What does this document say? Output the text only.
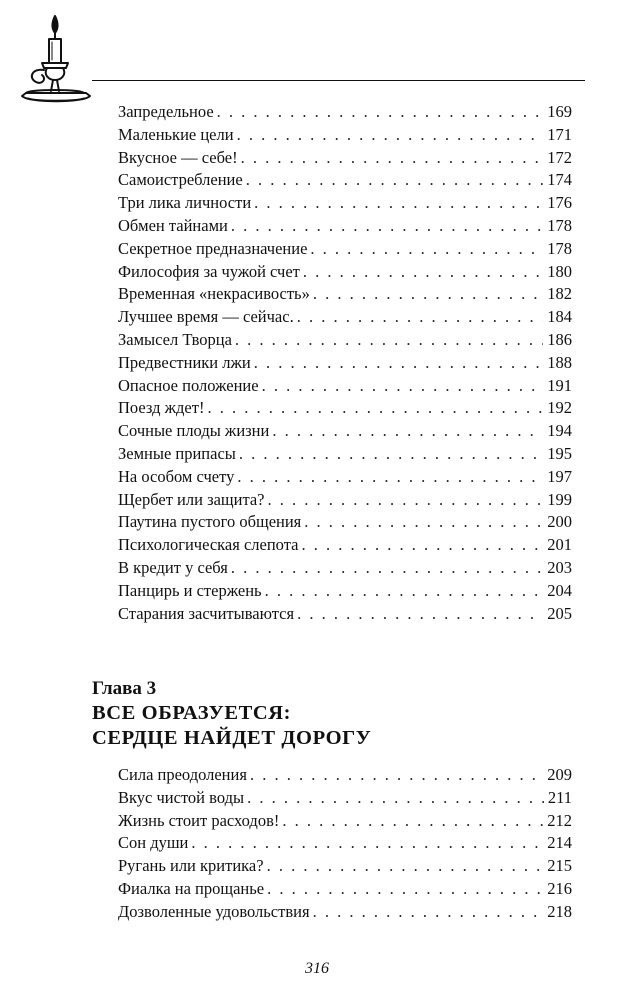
Запредельное . . .	169
Маленькие цели . . .	171
Вкусное — себе! . . .	172
Самоистребление . . .	174
Три лика личности . . .	176
Обмен тайнами . . .	178
Секретное предназначение . . .	178
Философия за чужой счет . . .	180
Временная «некрасивость» . . .	182
Лучшее время — сейчас. . . .	184
Замысел Творца . . .	186
Предвестники лжи . . .	188
Опасное положение . . .	191
Поезд ждет! . . .	192
Сочные плоды жизни . . .	194
Земные припасы . . .	195
На особом счету . . .	197
Щербет или защита? . . .	199
Паутина пустого общения . . .	200
Психологическая слепота . . .	201
В кредит у себя . . .	203
Панцирь и стержень . . .	204
Старания засчитываются . . .	205
Глава 3
ВСЕ ОБРАЗУЕТСЯ:
СЕРДЦЕ НАЙДЕТ ДОРОГУ
Сила преодоления . . .	209
Вкус чистой воды . . .	211
Жизнь стоит расходов! . . .	212
Сон души . . .	214
Ругань или критика? . . .	215
Фиалка на прощанье . . .	216
Дозволенные удовольствия . . .	218
316
